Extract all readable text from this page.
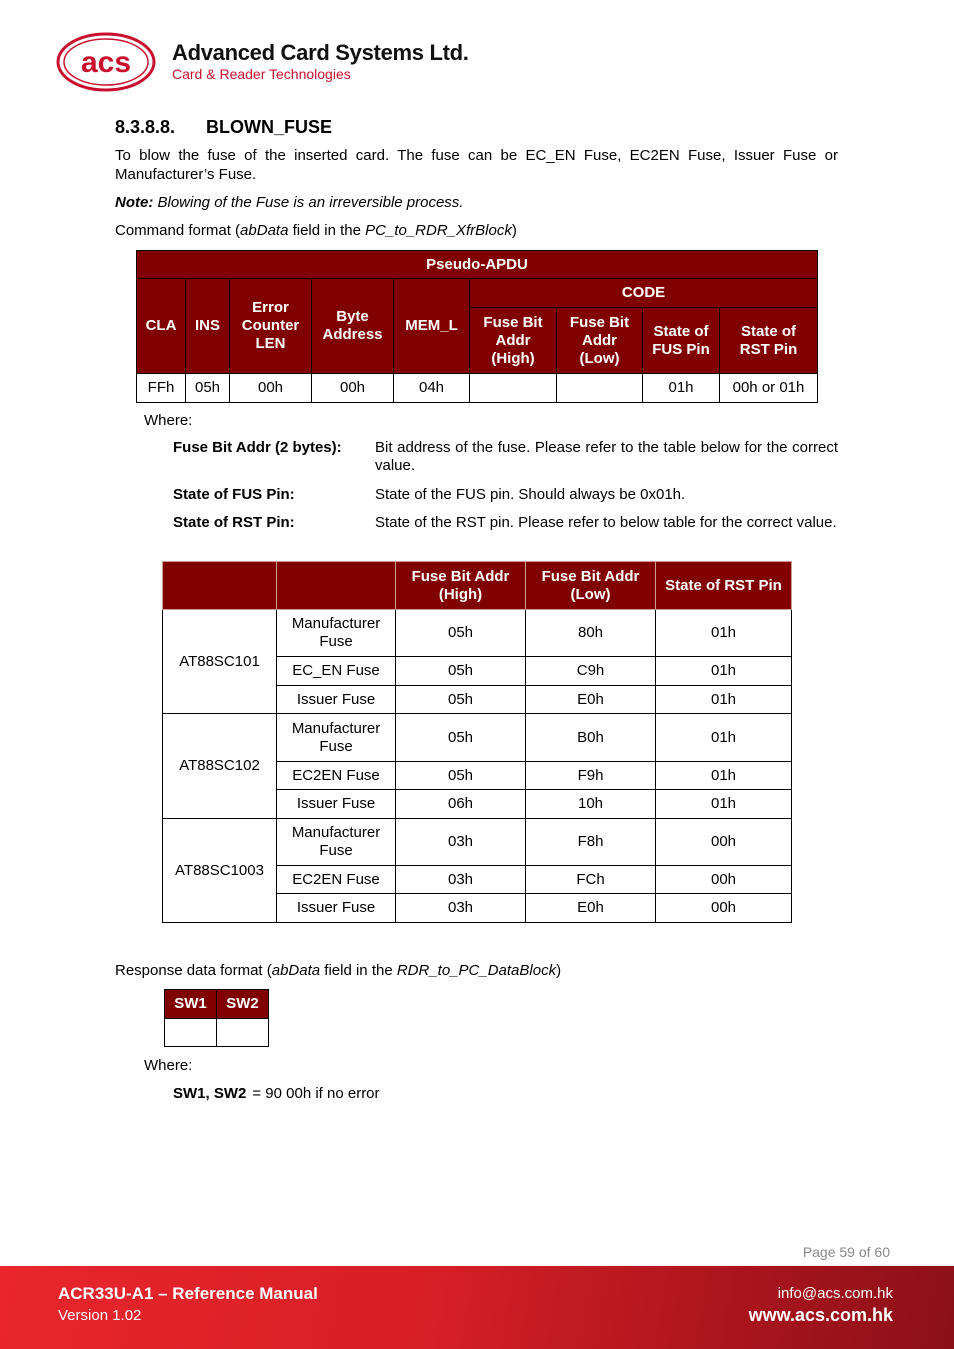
acs Advanced Card Systems Ltd.
Card & Reader Technologies
8.3.8.8. BLOWN_FUSE
To blow the fuse of the inserted card. The fuse can be EC_EN Fuse, EC2EN Fuse, Issuer Fuse or Manufacturer’s Fuse.
Note: Blowing of the Fuse is an irreversible process.
Command format (abData field in the PC_to_RDR_XfrBlock)
Pseudo-APDU								
CLA	INS	Error Counter LEN	Byte Address	MEM_L	CODE			
					Fuse Bit Addr (High)	Fuse Bit Addr (Low)	State of FUS Pin	State of RST Pin
FFh	05h	00h	00h	04h			01h	00h or 01h
Where:
Fuse Bit Addr (2 bytes): Bit address of the fuse. Please refer to the table below for the correct value.
State of FUS Pin:	State of the FUS pin. Should always be 0x01h.
State of RST Pin:	State of the RST pin. Please refer to below table for the correct value.
		Fuse Bit Addr (High)	Fuse Bit Addr (Low)	State of RST Pin
AT88SC101	Manufacturer Fuse	05h	80h	01h
	EC_EN Fuse	05h	C9h	01h
	Issuer Fuse	05h	E0h	01h
AT88SC102	Manufacturer Fuse	05h	B0h	01h
	EC2EN Fuse	05h	F9h	01h
	Issuer Fuse	06h	10h	01h
AT88SC1003	Manufacturer Fuse	03h	F8h	00h
	EC2EN Fuse	03h	FCh	00h
	Issuer Fuse	03h	E0h	00h
Response data format (abData field in the RDR_to_PC_DataBlock)
SW1	SW2

Where:
SW1, SW2 = 90 00h if no error
Page 59 of 60
ACR33U-A1 – Reference Manual
Version 1.02
info@acs.com.hk
www.acs.com.hk
